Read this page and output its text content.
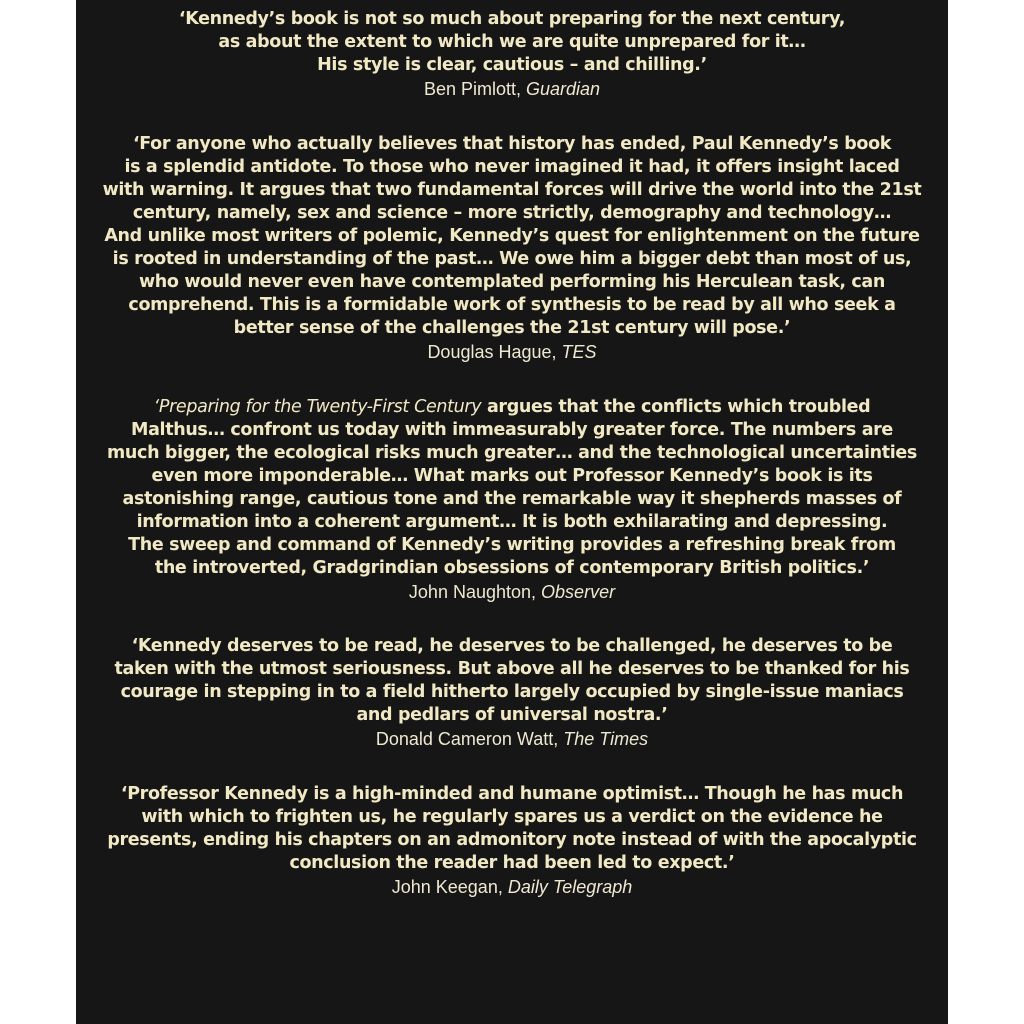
‘Kennedy’s book is not so much about preparing for the next century,
as about the extent to which we are quite unprepared for it…
His style is clear, cautious – and chilling.’
Ben Pimlott, Guardian
‘For anyone who actually believes that history has ended, Paul Kennedy’s book
is a splendid antidote. To those who never imagined it had, it offers insight laced
with warning. It argues that two fundamental forces will drive the world into the 21st
century, namely, sex and science – more strictly, demography and technology…
And unlike most writers of polemic, Kennedy’s quest for enlightenment on the future
is rooted in understanding of the past… We owe him a bigger debt than most of us,
who would never even have contemplated performing his Herculean task, can
comprehend. This is a formidable work of synthesis to be read by all who seek a
better sense of the challenges the 21st century will pose.’
Douglas Hague, TES
‘Preparing for the Twenty-First Century argues that the conflicts which troubled
Malthus… confront us today with immeasurably greater force. The numbers are
much bigger, the ecological risks much greater… and the technological uncertainties
even more imponderable… What marks out Professor Kennedy’s book is its
astonishing range, cautious tone and the remarkable way it shepherds masses of
information into a coherent argument… It is both exhilarating and depressing.
The sweep and command of Kennedy’s writing provides a refreshing break from
the introverted, Gradgrindian obsessions of contemporary British politics.’
John Naughton, Observer
‘Kennedy deserves to be read, he deserves to be challenged, he deserves to be
taken with the utmost seriousness. But above all he deserves to be thanked for his
courage in stepping in to a field hitherto largely occupied by single-issue maniacs
and pedlars of universal nostra.’
Donald Cameron Watt, The Times
‘Professor Kennedy is a high-minded and humane optimist… Though he has much
with which to frighten us, he regularly spares us a verdict on the evidence he
presents, ending his chapters on an admonitory note instead of with the apocalyptic
conclusion the reader had been led to expect.’
John Keegan, Daily Telegraph
